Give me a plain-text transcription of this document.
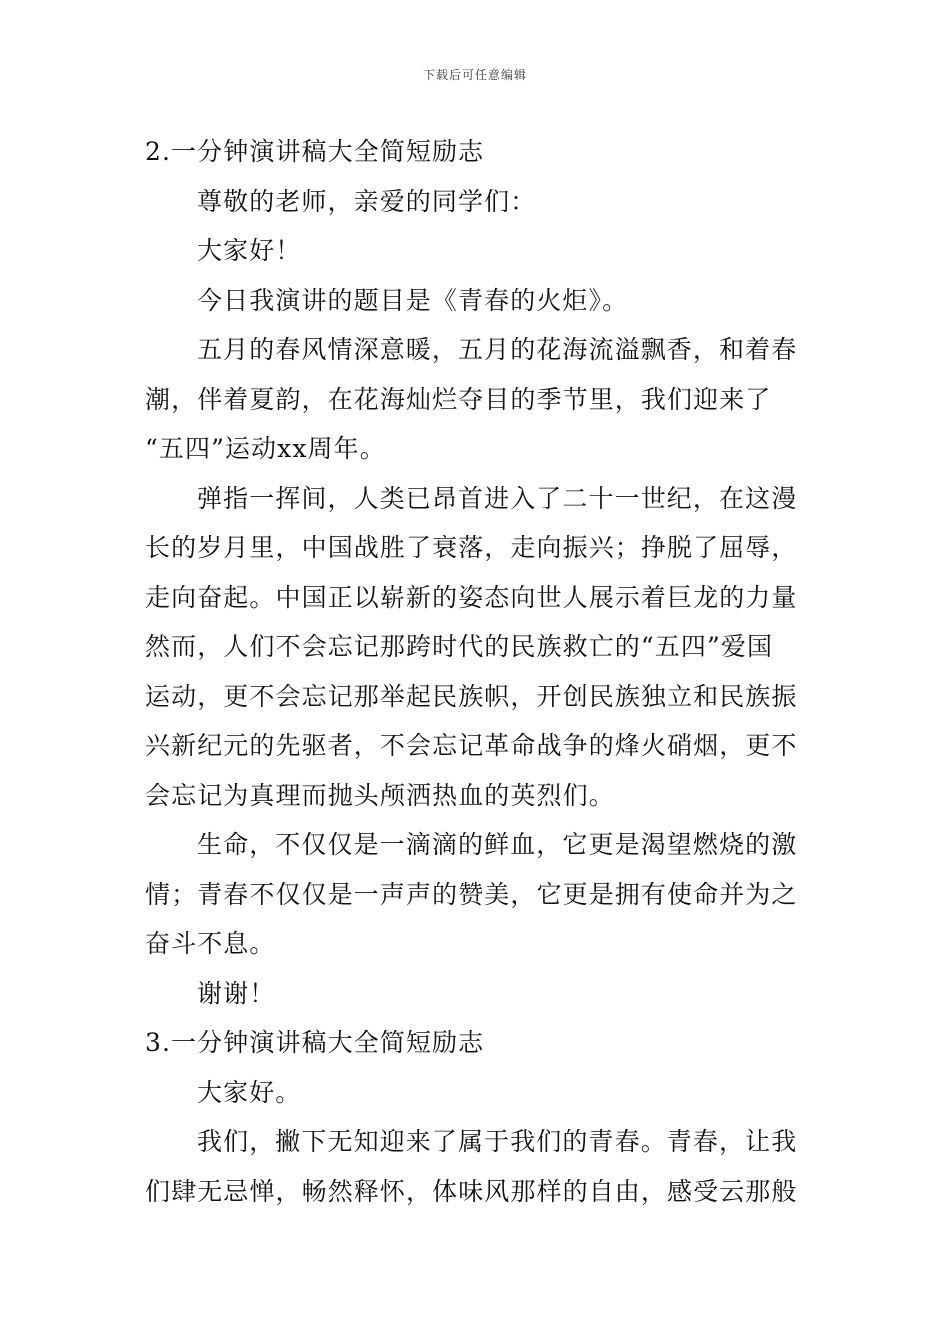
下载后可任意编辑
2.一分钟演讲稿大全简短励志
尊敬的老师，亲爱的同学们：
大家好！
今日我演讲的题目是《青春的火炬》。
五月的春风情深意暖，五月的花海流溢飘香，和着春
潮，伴着夏韵，在花海灿烂夺目的季节里，我们迎来了
“五四”运动xx周年。
弹指一挥间，人类已昂首进入了二十一世纪，在这漫
长的岁月里，中国战胜了衰落，走向振兴；挣脱了屈辱，
走向奋起。中国正以崭新的姿态向世人展示着巨龙的力量
然而，人们不会忘记那跨时代的民族救亡的“五四”爱国
运动，更不会忘记那举起民族帜，开创民族独立和民族振
兴新纪元的先驱者，不会忘记革命战争的烽火硝烟，更不
会忘记为真理而抛头颅洒热血的英烈们。
生命，不仅仅是一滴滴的鲜血，它更是渴望燃烧的激
情；青春不仅仅是一声声的赞美，它更是拥有使命并为之
奋斗不息。
谢谢！
3.一分钟演讲稿大全简短励志
大家好。
我们，撇下无知迎来了属于我们的青春。青春，让我
们肆无忌惮，畅然释怀，体味风那样的自由，感受云那般
